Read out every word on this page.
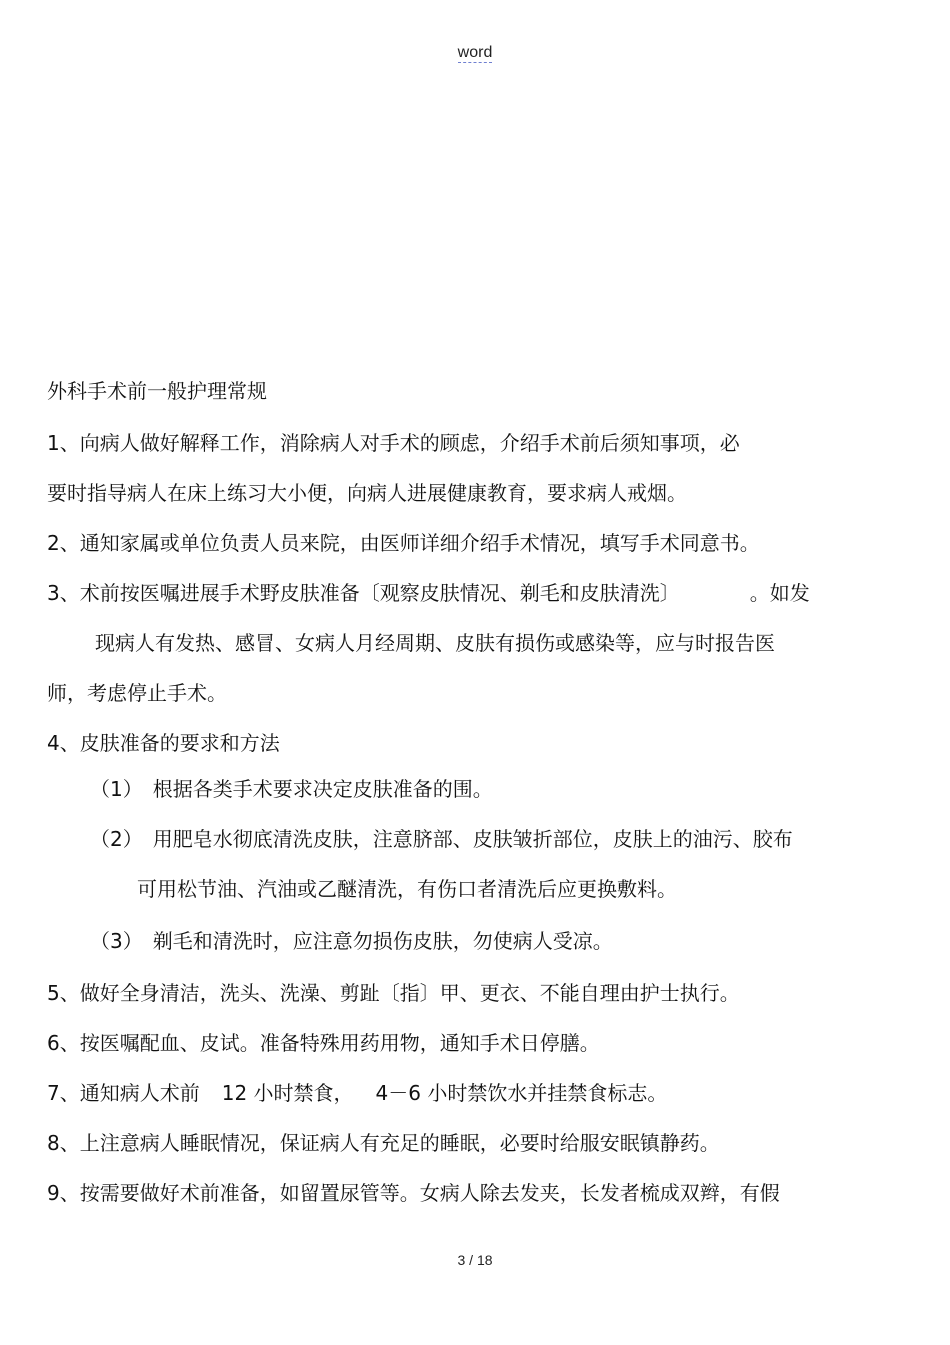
word
外科手术前一般护理常规
1、向病人做好解释工作，消除病人对手术的顾虑，介绍手术前后须知事项，必
要时指导病人在床上练习大小便，向病人进展健康教育，要求病人戒烟。
2、通知家属或单位负责人员来院，由医师详细介绍手术情况，填写手术同意书。
3、术前按医嘱进展手术野皮肤准备〔观察皮肤情况、剃毛和皮肤清洗〕	。如发
现病人有发热、感冒、女病人月经周期、皮肤有损伤或感染等，应与时报告医
师，考虑停止手术。
4、皮肤准备的要求和方法
（1） 根据各类手术要求决定皮肤准备的围。
（2） 用肥皂水彻底清洗皮肤，注意脐部、皮肤皱折部位，皮肤上的油污、胶布
可用松节油、汽油或乙醚清洗，有伤口者清洗后应更换敷料。
（3） 剃毛和清洗时，应注意勿损伤皮肤，勿使病人受凉。
5、做好全身清洁，洗头、洗澡、剪趾〔指〕甲、更衣、不能自理由护士执行。
6、按医嘱配血、皮试。准备特殊用药用物，通知手术日停膳。
7、通知病人术前 12 小时禁食， 4－6 小时禁饮水并挂禁食标志。
8、上注意病人睡眠情况，保证病人有充足的睡眠，必要时给服安眠镇静药。
9、按需要做好术前准备，如留置尿管等。女病人除去发夹，长发者梳成双辫，有假
3 / 18
